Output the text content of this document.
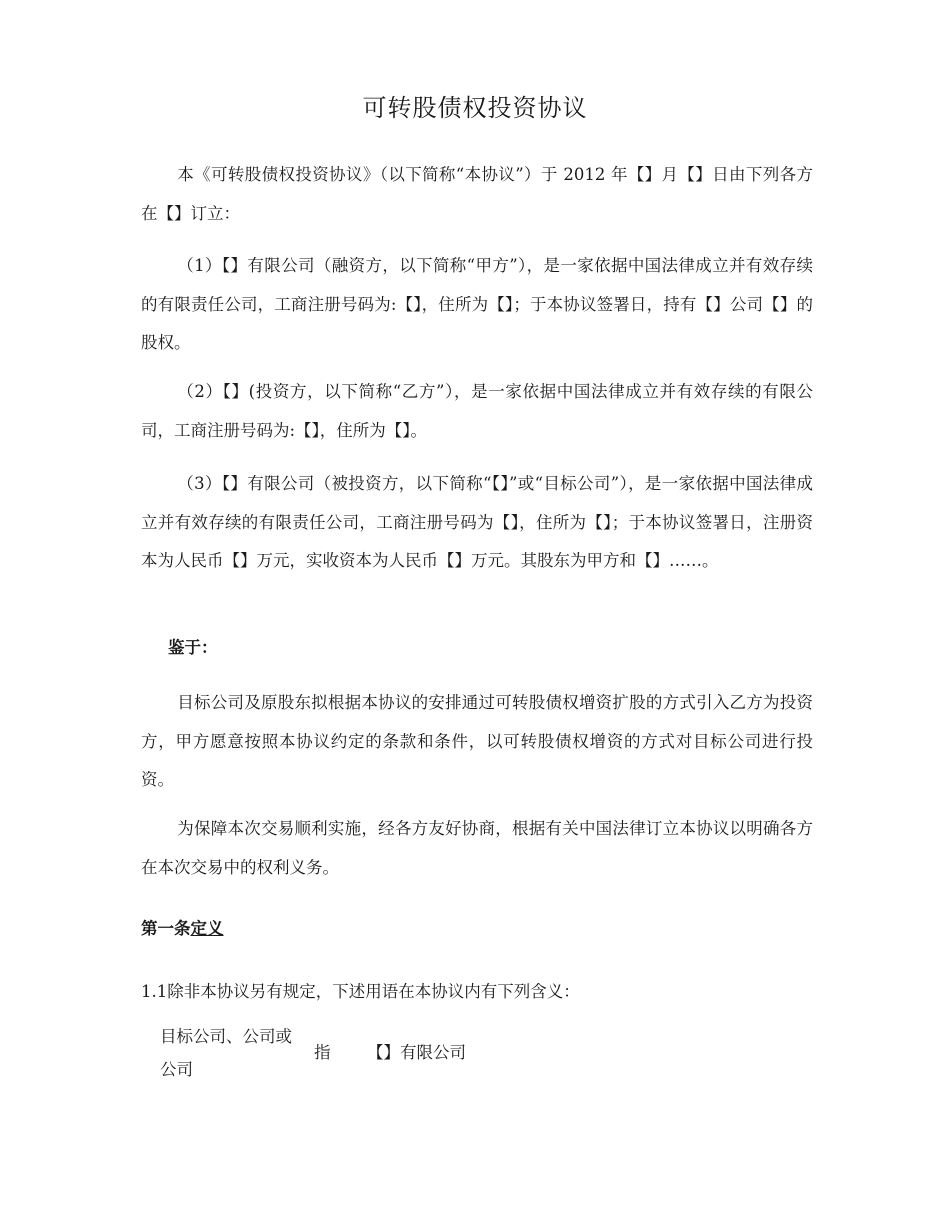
可转股债权投资协议

本《可转股债权投资协议》（以下简称“本协议”）于 2012 年【】月【】日由下列各方在【】订立：

（1）【】有限公司（融资方，以下简称“甲方”），是一家依据中国法律成立并有效存续的有限责任公司，工商注册号码为:【】，住所为【】；于本协议签署日，持有【】公司【】的股权。

（2）【】(投资方，以下简称“乙方”），是一家依据中国法律成立并有效存续的有限公司，工商注册号码为:【】，住所为【】。

（3）【】有限公司（被投资方，以下简称“【】”或“目标公司”），是一家依据中国法律成立并有效存续的有限责任公司，工商注册号码为【】，住所为【】；于本协议签署日，注册资本为人民币【】万元，实收资本为人民币【】万元。其股东为甲方和【】……。

鉴于：

目标公司及原股东拟根据本协议的安排通过可转股债权增资扩股的方式引入乙方为投资方，甲方愿意按照本协议约定的条款和条件，以可转股债权增资的方式对目标公司进行投资。

为保障本次交易顺利实施，经各方友好协商，根据有关中国法律订立本协议以明确各方在本次交易中的权利义务。

第一条定义

1.1除非本协议另有规定，下述用语在本协议内有下列含义：

目标公司、公司或公司
指 【】有限公司
